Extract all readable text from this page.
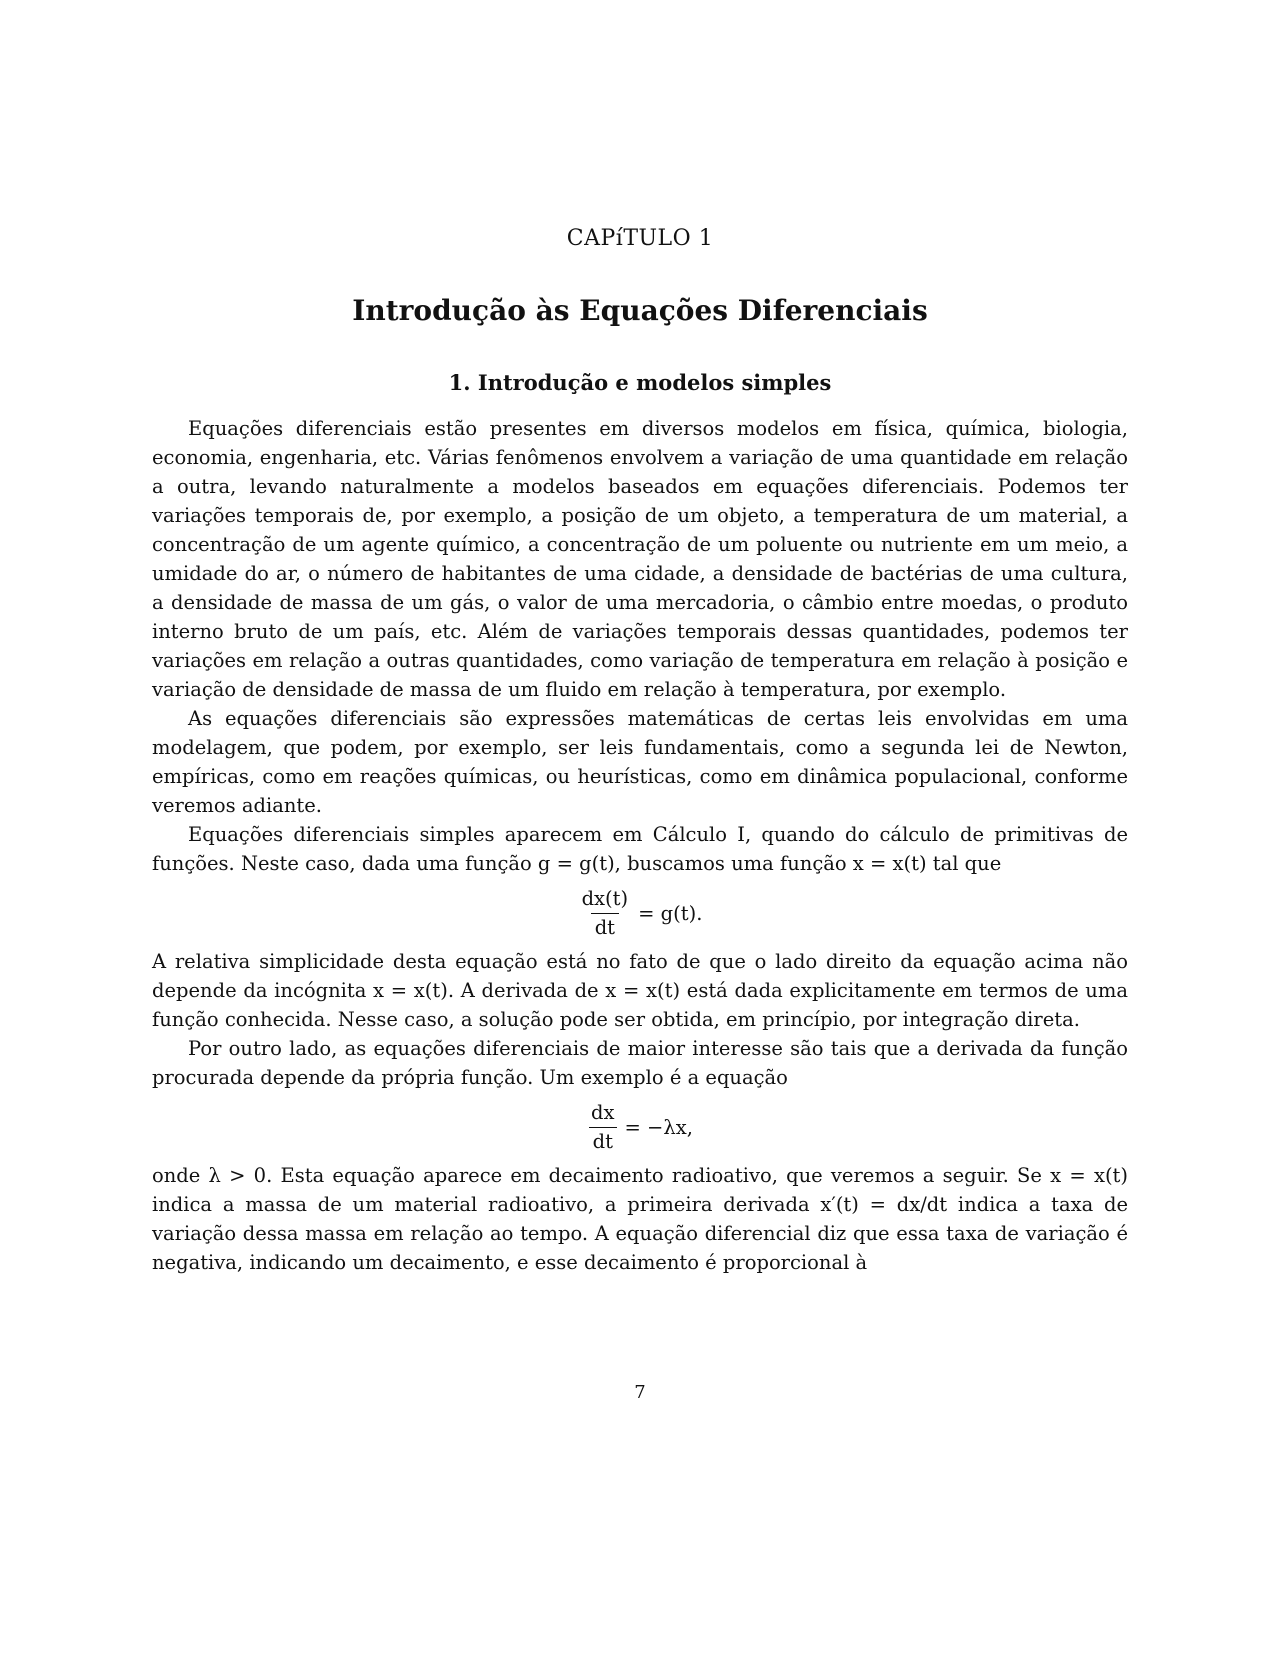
CAPíTULO 1
Introdução às Equações Diferenciais
1. Introdução e modelos simples

Equações diferenciais estão presentes em diversos modelos em física, química, biologia, economia, engenharia, etc. Várias fenômenos envolvem a variação de uma quantidade em relação a outra, levando naturalmente a modelos baseados em equações diferenciais. Podemos ter variações temporais de, por exemplo, a posição de um objeto, a temperatura de um material, a concentração de um agente químico, a concentração de um poluente ou nutriente em um meio, a umidade do ar, o número de habitantes de uma cidade, a densidade de bactérias de uma cultura, a densidade de massa de um gás, o valor de uma mercadoria, o câmbio entre moedas, o produto interno bruto de um país, etc. Além de variações temporais dessas quantidades, podemos ter variações em relação a outras quantidades, como variação de temperatura em relação à posição e variação de densidade de massa de um fluido em relação à temperatura, por exemplo.

As equações diferenciais são expressões matemáticas de certas leis envolvidas em uma modelagem, que podem, por exemplo, ser leis fundamentais, como a segunda lei de Newton, empíricas, como em reações químicas, ou heurísticas, como em dinâmica populacional, conforme veremos adiante.

Equações diferenciais simples aparecem em Cálculo I, quando do cálculo de primitivas de funções. Neste caso, dada uma função g = g(t), buscamos uma função x = x(t) tal que

$\frac{dx(t)}{dt} = g(t)$.

A relativa simplicidade desta equação está no fato de que o lado direito da equação acima não depende da incógnita x = x(t). A derivada de x = x(t) está dada explicitamente em termos de uma função conhecida. Nesse caso, a solução pode ser obtida, em princípio, por integração direta.

Por outro lado, as equações diferenciais de maior interesse são tais que a derivada da função procurada depende da própria função. Um exemplo é a equação

$\frac{dx}{dt} = -\lambda x$,

onde λ > 0. Esta equação aparece em decaimento radioativo, que veremos a seguir. Se x = x(t) indica a massa de um material radioativo, a primeira derivada x′(t) = dx/dt indica a taxa de variação dessa massa em relação ao tempo. A equação diferencial diz que essa taxa de variação é negativa, indicando um decaimento, e esse decaimento é proporcional à

7
